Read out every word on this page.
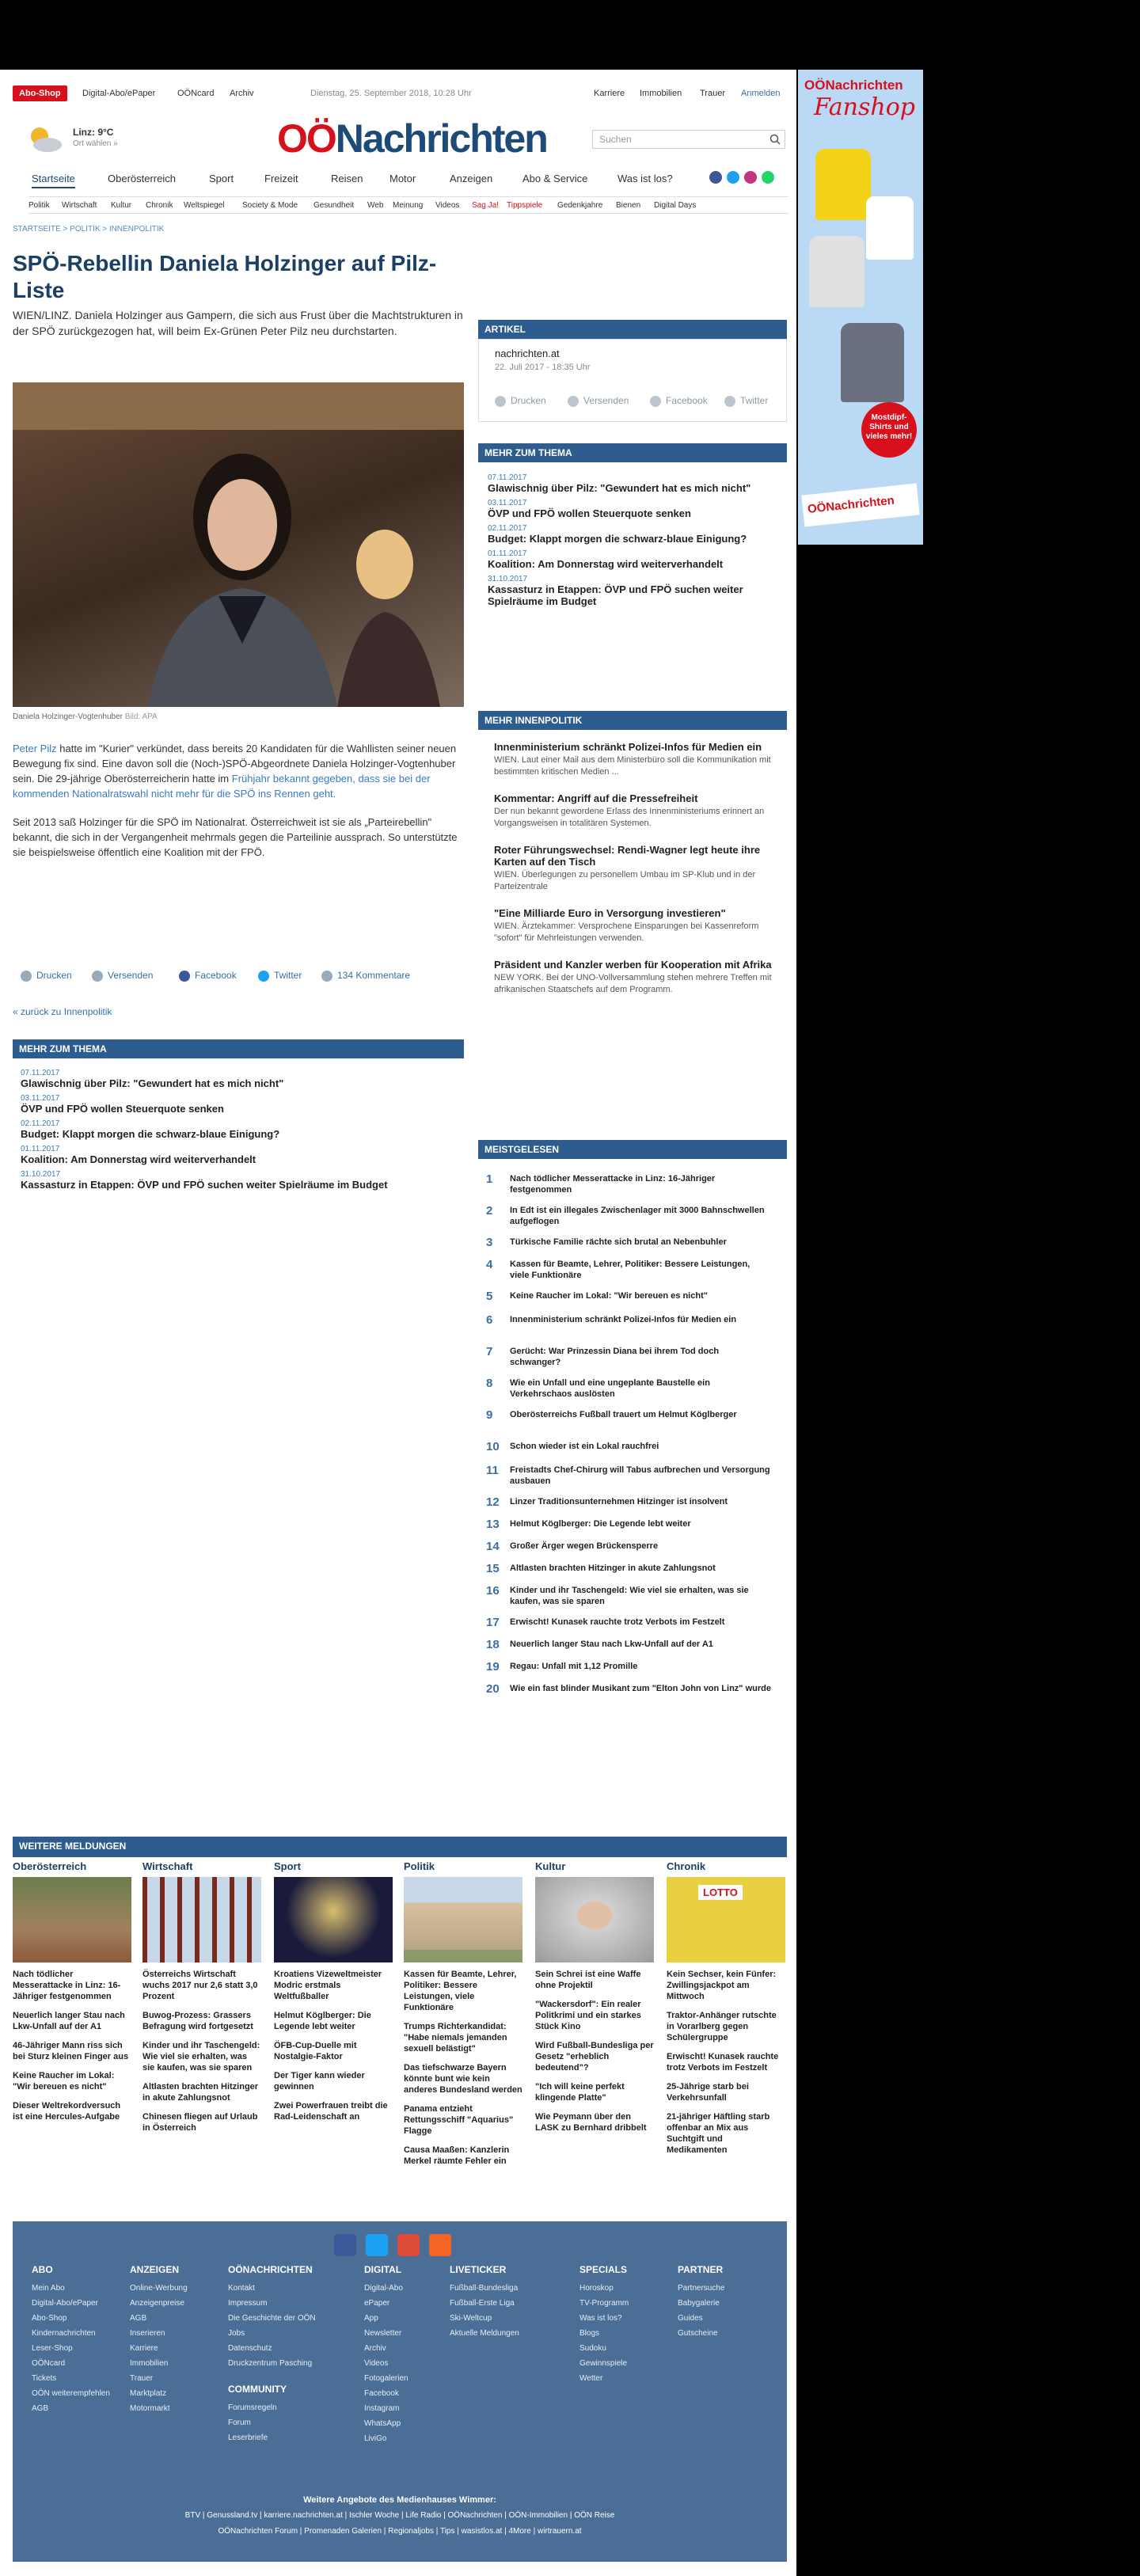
Abo-Shop	Digital-Abo/ePaper	OÖNcard Archiv	Dienstag, 25. September 2018, 10:28 Uhr	Karriere Immobilien Trauer Anmelden
Linz: 9°C
Ort wählen »	OÖNachrichten	Suchen
Startseite	Oberösterreich	Sport	Freizeit	Reisen	Motor	Anzeigen	Abo & Service	Was ist los?
Politik Wirtschaft Kultur Chronik Weltspiegel Society & Mode Gesundheit Web Meinung Videos Sag Ja! Tippspiele Gedenkjahre Bienen Digital Days
STARTSEITE > POLITIK > INNENPOLITIK
SPÖ-Rebellin Daniela Holzinger auf Pilz-Liste
WIEN/LINZ. Daniela Holzinger aus Gampern, die sich aus Frust über die Machtstrukturen in der SPÖ zurückgezogen hat, will beim Ex-Grünen Peter Pilz neu durchstarten.
Daniela Holzinger-Vogtenhuber Bild: APA

Peter Pilz hatte im "Kurier" verkündet, dass bereits 20 Kandidaten für die Wahllisten seiner neuen Bewegung fix sind. Eine davon soll die (Noch-)SPÖ-Abgeordnete Daniela Holzinger-Vogtenhuber sein. Die 29-jährige Oberösterreicherin hatte im Frühjahr bekannt gegeben, dass sie bei der kommenden Nationalratswahl nicht mehr für die SPÖ ins Rennen geht.

Seit 2013 saß Holzinger für die SPÖ im Nationalrat. Österreichweit ist sie als „Parteirebellin" bekannt, die sich in der Vergangenheit mehrmals gegen die Parteilinie aussprach. So unterstützte sie beispielsweise öffentlich eine Koalition mit der FPÖ.

Drucken	Versenden	Facebook	Twitter	134 Kommentare
« zurück zu Innenpolitik
MEHR ZUM THEMA
07.11.2017
Glawischnig über Pilz: "Gewundert hat es mich nicht"
03.11.2017
ÖVP und FPÖ wollen Steuerquote senken
02.11.2017
Budget: Klappt morgen die schwarz-blaue Einigung?
01.11.2017
Koalition: Am Donnerstag wird weiterverhandelt
31.10.2017
Kassasturz in Etappen: ÖVP und FPÖ suchen weiter Spielräume im Budget
ARTIKEL
nachrichten.at
22. Juli 2017 - 18:35 Uhr
Drucken	Versenden	Facebook	Twitter
MEHR ZUM THEMA
07.11.2017
Glawischnig über Pilz: "Gewundert hat es mich nicht"
03.11.2017
ÖVP und FPÖ wollen Steuerquote senken
02.11.2017
Budget: Klappt morgen die schwarz-blaue Einigung?
01.11.2017
Koalition: Am Donnerstag wird weiterverhandelt
31.10.2017
Kassasturz in Etappen: ÖVP und FPÖ suchen weiter Spielräume im Budget
MEHR INNENPOLITIK
Innenministerium schränkt Polizei-Infos für Medien ein
WIEN. Laut einer Mail aus dem Ministerbüro soll die Kommunikation mit bestimmten kritischen Medien ...
Kommentar: Angriff auf die Pressefreiheit
Der nun bekannt gewordene Erlass des Innenministeriums erinnert an Vorgangsweisen in totalitären Systemen.
Roter Führungswechsel: Rendi-Wagner legt heute ihre Karten auf den Tisch
WIEN. Überlegungen zu personellem Umbau im SP-Klub und in der Parteizentrale
"Eine Milliarde Euro in Versorgung investieren"
WIEN. Ärztekammer: Versprochene Einsparungen bei Kassenreform "sofort" für Mehrleistungen verwenden.
Präsident und Kanzler werben für Kooperation mit Afrika
NEW YORK. Bei der UNO-Vollversammlung stehen mehrere Treffen mit afrikanischen Staatschefs auf dem Programm.
MEISTGELESEN
1	Nach tödlicher Messerattacke in Linz: 16-Jähriger festgenommen
2	In Edt ist ein illegales Zwischenlager mit 3000 Bahnschwellen aufgeflogen
3	Türkische Familie rächte sich brutal an Nebenbuhler
4	Kassen für Beamte, Lehrer, Politiker: Bessere Leistungen, viele Funktionäre
5	Keine Raucher im Lokal: "Wir bereuen es nicht"
6	Innenministerium schränkt Polizei-Infos für Medien ein
7	Gerücht: War Prinzessin Diana bei ihrem Tod doch schwanger?
8	Wie ein Unfall und eine ungeplante Baustelle ein Verkehrschaos auslösten
9	Oberösterreichs Fußball trauert um Helmut Köglberger
10	Schon wieder ist ein Lokal rauchfrei
11	Freistadts Chef-Chirurg will Tabus aufbrechen und Versorgung ausbauen
12	Linzer Traditionsunternehmen Hitzinger ist insolvent
13	Helmut Köglberger: Die Legende lebt weiter
14	Großer Ärger wegen Brückensperre
15	Altlasten brachten Hitzinger in akute Zahlungsnot
16	Kinder und ihr Taschengeld: Wie viel sie erhalten, was sie kaufen, was sie sparen
17	Erwischt! Kunasek rauchte trotz Verbots im Festzelt
18	Neuerlich langer Stau nach Lkw-Unfall auf der A1
19	Regau: Unfall mit 1,12 Promille
20	Wie ein fast blinder Musikant zum "Elton John von Linz" wurde
WEITERE MELDUNGEN
Oberösterreich

Nach tödlicher Messerattacke in Linz: 16-Jähriger festgenommen

Neuerlich langer Stau nach Lkw-Unfall auf der A1

46-Jähriger Mann riss sich bei Sturz kleinen Finger aus

Keine Raucher im Lokal: "Wir bereuen es nicht"

Dieser Weltrekordversuch ist eine Hercules-Aufgabe

Wirtschaft

Österreichs Wirtschaft wuchs 2017 nur 2,6 statt 3,0 Prozent

Buwog-Prozess: Grassers Befragung wird fortgesetzt

Kinder und ihr Taschengeld: Wie viel sie erhalten, was sie kaufen, was sie sparen

Altlasten brachten Hitzinger in akute Zahlungsnot

Chinesen fliegen auf Urlaub in Österreich

Sport

Kroatiens Vizeweltmeister Modric erstmals Weltfußballer

Helmut Köglberger: Die Legende lebt weiter

ÖFB-Cup-Duelle mit Nostalgie-Faktor

Der Tiger kann wieder gewinnen

Zwei Powerfrauen treibt die Rad-Leidenschaft an

Politik

Kassen für Beamte, Lehrer, Politiker: Bessere Leistungen, viele Funktionäre

Trumps Richterkandidat: "Habe niemals jemanden sexuell belästigt"

Das tiefschwarze Bayern könnte bunt wie kein anderes Bundesland werden

Panama entzieht Rettungsschiff "Aquarius" Flagge

Causa Maaßen: Kanzlerin Merkel räumte Fehler ein

Kultur

Sein Schrei ist eine Waffe ohne Projektil

"Wackersdorf": Ein realer Politkrimi und ein starkes Stück Kino

Wird Fußball-Bundesliga per Gesetz "erheblich bedeutend"?

"Ich will keine perfekt klingende Platte"

Wie Peymann über den LASK zu Bernhard dribbelt

Chronik
LOTTO

Kein Sechser, kein Fünfer: Zwillingsjackpot am Mittwoch

Traktor-Anhänger rutschte in Vorarlberg gegen Schülergruppe

Erwischt! Kunasek rauchte trotz Verbots im Festzelt

25-Jährige starb bei Verkehrsunfall

21-jähriger Häftling starb offenbar an Mix aus Suchtgift und Medikamenten

OÖNachrichten
Fanshop
Mostdipf-Shirts und vieles mehr!
OÖNachrichten
ABO
Mein Abo
Digital-Abo/ePaper
Abo-Shop
Kindernachrichten
Leser-Shop
OÖNcard
Tickets
OÖN weiterempfehlen
AGB
ANZEIGEN
Online-Werbung
Anzeigenpreise
AGB
Inserieren
Karriere
Immobilien
Trauer
Marktplatz
Motormarkt
OÖNACHRICHTEN
Kontakt
Impressum
Die Geschichte der OÖN
Jobs
Datenschutz
Druckzentrum Pasching
COMMUNITY
Forumsregeln
Forum
Leserbriefe
DIGITAL
Digital-Abo
ePaper
App
Newsletter
Archiv
Videos
Fotogalerien
Facebook
Instagram
WhatsApp
LiviGo
LIVETICKER
Fußball-Bundesliga
Fußball-Erste Liga
Ski-Weltcup
Aktuelle Meldungen
SPECIALS
Horoskop
TV-Programm
Was ist los?
Blogs
Sudoku
Gewinnspiele
Wetter
PARTNER
Partnersuche
Babygalerie
Guides
Gutscheine
Weitere Angebote des Medienhauses Wimmer:
BTV | Genussland.tv | karriere.nachrichten.at | Ischler Woche | Life Radio | OÖNachrichten | OÖN-Immobilien | OÖN Reise
OÖNachrichten Forum | Promenaden Galerien | Regionaljobs | Tips | wasistlos.at | 4More | wirtrauern.at
